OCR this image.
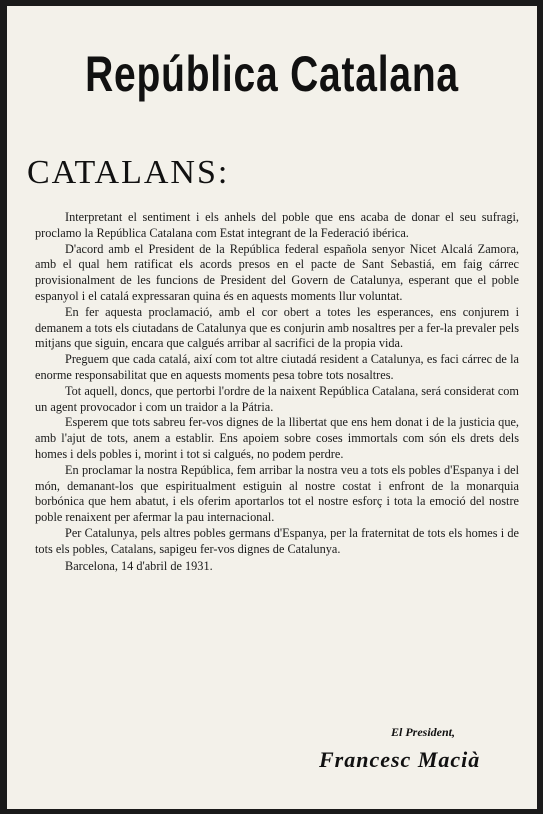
República Catalana
CATALANS:

Interpretant el sentiment i els anhels del poble que ens acaba de donar el seu sufragi, proclamo la República Catalana com Estat integrant de la Federació ibérica.

D'acord amb el President de la República federal española senyor Nicet Alcalá Zamora, amb el qual hem ratificat els acords presos en el pacte de Sant Sebastiá, em faig cárrec provisionalment de les funcions de President del Govern de Catalunya, esperant que el poble espanyol i el catalá expressaran quina és en aquests moments llur voluntat.

En fer aquesta proclamació, amb el cor obert a totes les esperances, ens conjurem i demanem a tots els ciutadans de Catalunya que es conjurin amb nosaltres per a fer-la prevaler pels mitjans que siguin, encara que calgués arribar al sacrifici de la propia vida.

Preguem que cada catalá, així com tot altre ciutadá resident a Catalunya, es faci cárrec de la enorme responsabilitat que en aquests moments pesa tobre tots nosaltres.

Tot aquell, doncs, que pertorbi l'ordre de la naixent República Catalana, será considerat com un agent provocador i com un traidor a la Pátria.

Esperem que tots sabreu fer-vos dignes de la llibertat que ens hem donat i de la justicia que, amb l'ajut de tots, anem a establir. Ens apoiem sobre coses immortals com són els drets dels homes i dels pobles i, morint i tot si calgués, no podem perdre.

En proclamar la nostra República, fem arribar la nostra veu a tots els pobles d'Espanya i del món, demanant-los que espiritualment estiguin al nostre costat i enfront de la monarquia borbónica que hem abatut, i els oferim aportarlos tot el nostre esforç i tota la emoció del nostre poble renaixent per afermar la pau internacional.

Per Catalunya, pels altres pobles germans d'Espanya, per la fraternitat de tots els homes i de tots els pobles, Catalans, sapigeu fer-vos dignes de Catalunya.

Barcelona, 14 d'abril de 1931.

El President,
Francesc Macià
